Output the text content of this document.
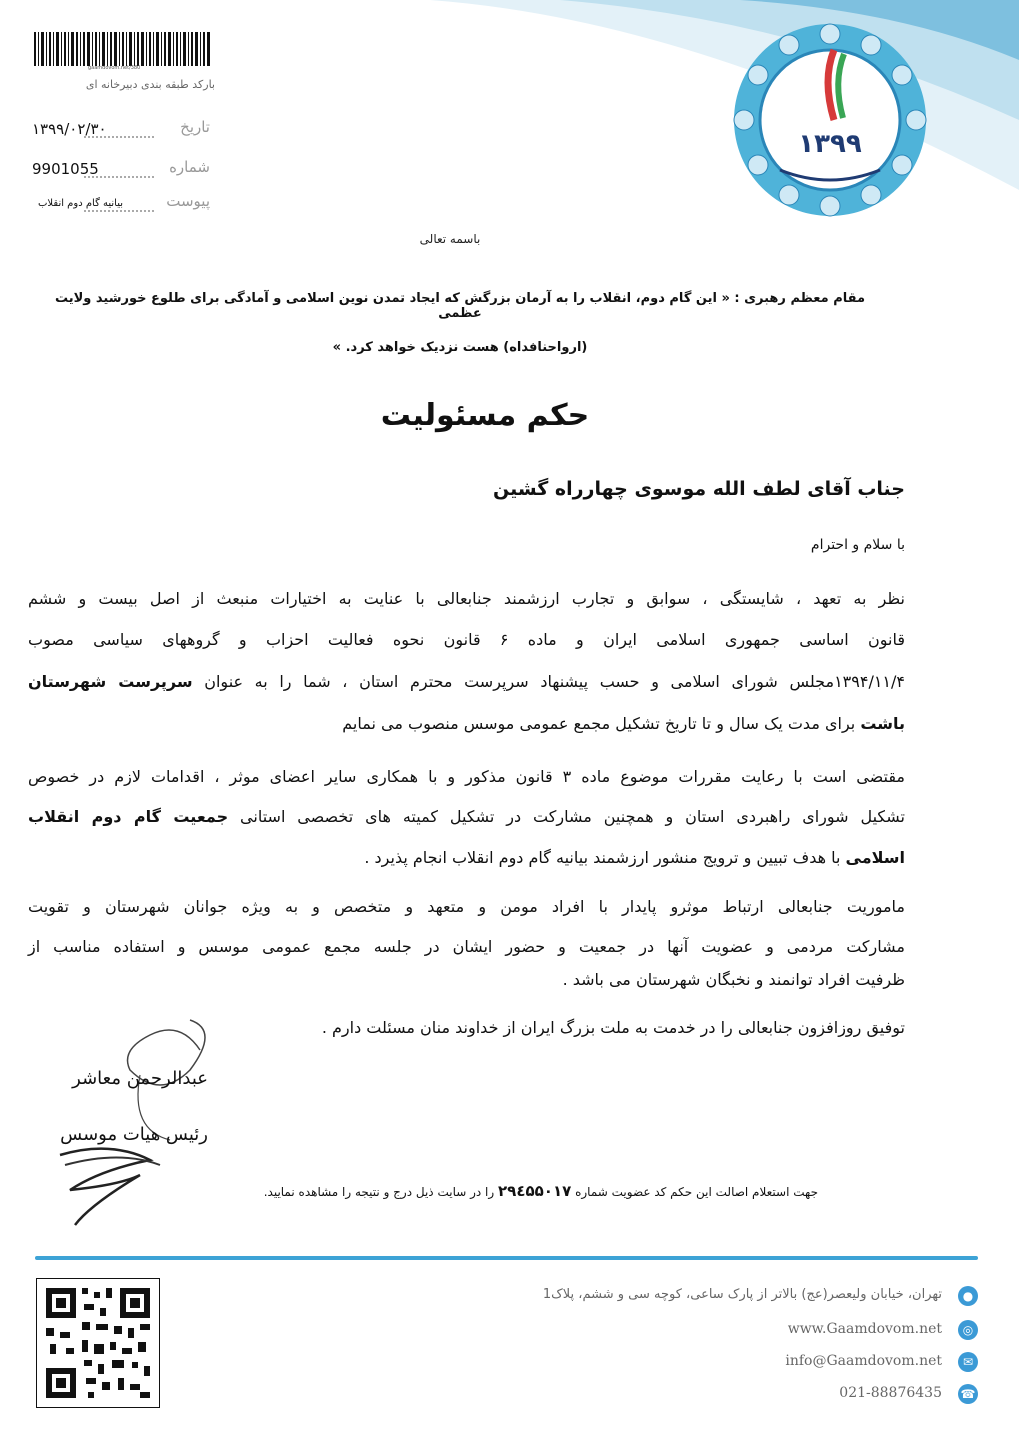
۱۳۹۹
gaamdovom.net/380
بارکد طبقه بندی دبیرخانه ای
تاریخ
۱۳۹۹/۰۲/۳۰
شماره
9901055
پیوست
بیانیه گام دوم انقلاب
باسمه تعالی
مقام معظم رهبری : « این گام دوم، انقلاب را به آرمان بزرگش که ایجاد تمدن نوین اسلامی و آمادگی برای طلوع خورشید ولایت عظمی
(ارواحنافداه) هست نزدیک خواهد کرد. »
حکم مسئولیت
جناب آقای لطف الله موسوی چهارراه گشین
با سلام و احترام
نظر به تعهد ، شایستگی ، سوابق و تجارب ارزشمند جنابعالی با عنایت به اختیارات منبعث از اصل بیست و ششم
قانون اساسی جمهوری اسلامی ایران و ماده ۶ قانون نحوه فعالیت احزاب و گروههای سیاسی مصوب
۱۳۹۴/۱۱/۴مجلس شورای اسلامی و حسب پیشنهاد سرپرست محترم استان ، شما را به عنوان سرپرست شهرستان
باشت برای مدت یک سال و تا تاریخ تشکیل مجمع عمومی موسس منصوب می نمایم
مقتضی است با رعایت مقررات موضوع ماده ۳ قانون مذکور و با همکاری سایر اعضای موثر ، اقدامات لازم در خصوص
تشکیل شورای راهبردی استان و همچنین مشارکت در تشکیل کمیته های تخصصی استانی جمعیت گام دوم انقلاب
اسلامی با هدف تبیین و ترویج منشور ارزشمند بیانیه گام دوم انقلاب انجام پذیرد .
ماموریت جنابعالی ارتباط موثرو پایدار با افراد مومن و متعهد و متخصص و به ویژه جوانان شهرستان و تقویت
مشارکت مردمی و عضویت آنها در جمعیت و حضور ایشان در جلسه مجمع عمومی موسس و استفاده مناسب از
ظرفیت افراد توانمند و نخبگان شهرستان می باشد .
توفیق روزافزون جنابعالی را در خدمت به ملت بزرگ ایران از خداوند منان مسئلت دارم .
عبدالرحمن معاشر
رئیس هیات موسس
جهت استعلام اصالت این حکم کد عضویت شماره ۲۹٤۵۵۰۱۷ را در سایت ذیل درج و نتیجه را مشاهده نمایید.
●
تهران، خیابان ولیعصر(عج) بالاتر از پارک ساعی، کوچه سی و ششم، پلاک1
◎
www.Gaamdovom.net
✉
info@Gaamdovom.net
☎
021-88876435
